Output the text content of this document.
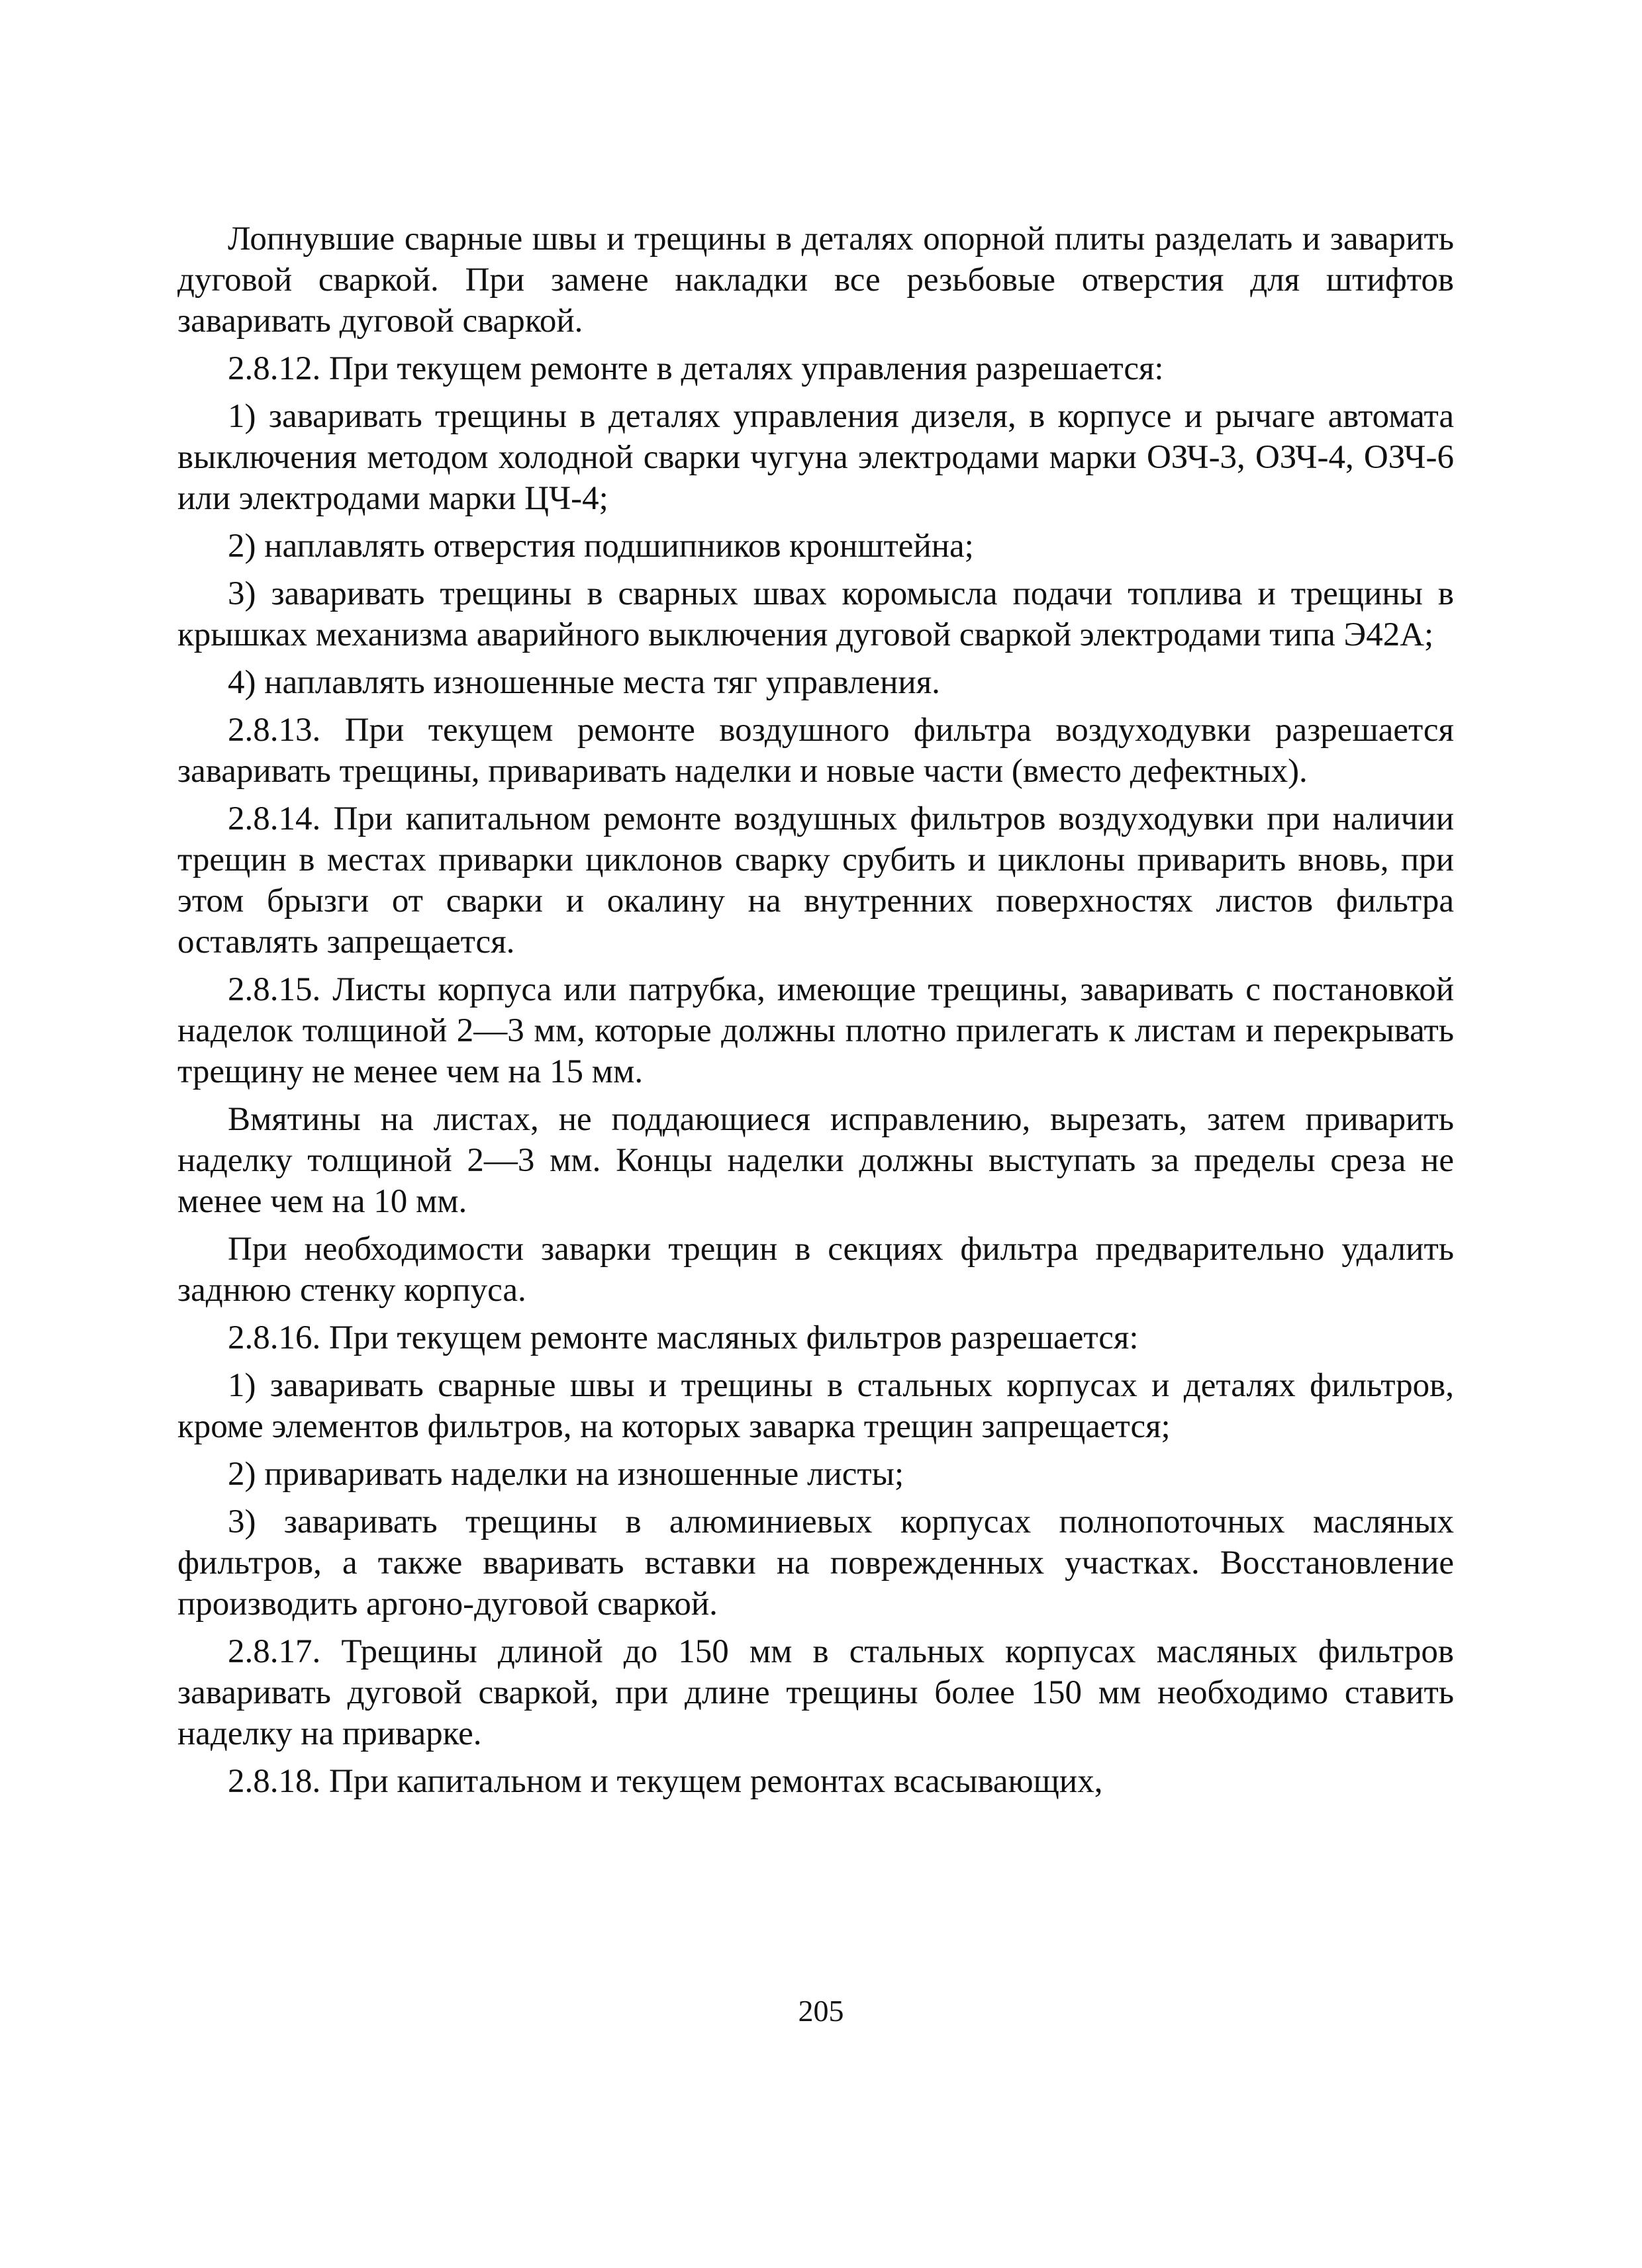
Лопнувшие сварные швы и трещины в деталях опорной плиты разделать и заварить дуговой сваркой. При замене накладки все резьбовые отверстия для штифтов заваривать дуговой сваркой.

2.8.12. При текущем ремонте в деталях управления разрешается:

1) заваривать трещины в деталях управления дизеля, в корпусе и рычаге автомата выключения методом холодной сварки чугуна электродами марки ОЗЧ-3, ОЗЧ-4, ОЗЧ-6 или электродами марки ЦЧ-4;

2) наплавлять отверстия подшипников кронштейна;

3) заваривать трещины в сварных швах коромысла подачи топлива и трещины в крышках механизма аварийного выключения дуговой сваркой электродами типа Э42А;

4) наплавлять изношенные места тяг управления.

2.8.13. При текущем ремонте воздушного фильтра воздуходувки разрешается заваривать трещины, приваривать наделки и новые части (вместо дефектных).

2.8.14. При капитальном ремонте воздушных фильтров воздуходувки при наличии трещин в местах приварки циклонов сварку срубить и циклоны приварить вновь, при этом брызги от сварки и окалину на внутренних поверхностях листов фильтра оставлять запрещается.

2.8.15. Листы корпуса или патрубка, имеющие трещины, заваривать с постановкой наделок толщиной 2—3 мм, которые должны плотно прилегать к листам и перекрывать трещину не менее чем на 15 мм.

Вмятины на листах, не поддающиеся исправлению, вырезать, затем приварить наделку толщиной 2—3 мм. Концы наделки должны выступать за пределы среза не менее чем на 10 мм.

При необходимости заварки трещин в секциях фильтра предварительно удалить заднюю стенку корпуса.

2.8.16. При текущем ремонте масляных фильтров разрешается:

1) заваривать сварные швы и трещины в стальных корпусах и деталях фильтров, кроме элементов фильтров, на которых заварка трещин запрещается;

2) приваривать наделки на изношенные листы;

3) заваривать трещины в алюминиевых корпусах полнопоточных масляных фильтров, а также вваривать вставки на поврежденных участках. Восстановление производить аргоно-дуговой сваркой.

2.8.17. Трещины длиной до 150 мм в стальных корпусах масляных фильтров заваривать дуговой сваркой, при длине трещины более 150 мм необходимо ставить наделку на приварке.

2.8.18. При капитальном и текущем ремонтах всасывающих,

205
